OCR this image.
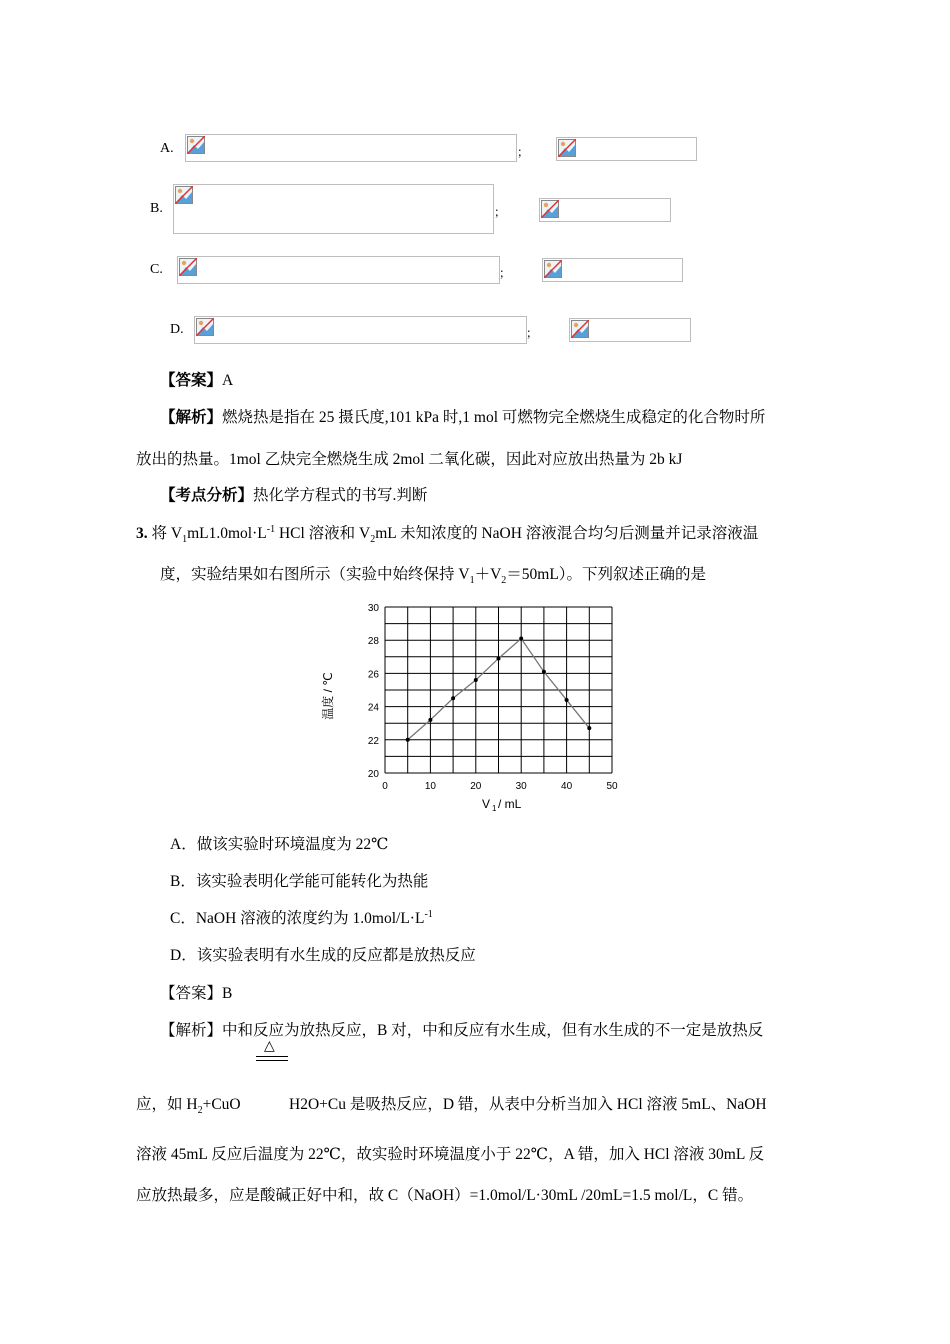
A.	；
B.	；
C.	；
D.	；
【答案】A
【解析】燃烧热是指在 25 摄氏度,101 kPa 时,1 mol 可燃物完全燃烧生成稳定的化合物时所
放出的热量。1mol 乙炔完全燃烧生成 2mol 二氧化碳，因此对应放出热量为 2b kJ
【考点分析】热化学方程式的书写.判断
3. 将 $V_1mL1.0mol\cdot L^{-1}$ HCl 溶液和 $V_2mL$ 未知浓度的 NaOH 溶液混合均匀后测量并记录溶液温
度，实验结果如右图所示（实验中始终保持 $V_1+V_2=50mL$）。下列叙述正确的是
0	10	20	30	40	50
20
22
24
26
28
30
温度 / ℃
V 1 / mL
A．做该实验时环境温度为 22℃
B．该实验表明化学能可能转化为热能
C．NaOH 溶液的浓度约为 $1.0mol/L\cdot L^{-1}$
D．该实验表明有水生成的反应都是放热反应
【答案】B
【解析】中和反应为放热反应，B 对，中和反应有水生成，但有水生成的不一定是放热反
△
应，如 $H_2+CuO$	H2O+Cu 是吸热反应，D 错，从表中分析当加入 HCl 溶液 5mL、NaOH
溶液 45mL 反应后温度为 22℃，故实验时环境温度小于 22℃，A 错，加入 HCl 溶液 30mL 反
应放热最多，应是酸碱正好中和，故 C（NaOH）=1.0mol/L·30mL /20mL=1.5 mol/L，C 错。
